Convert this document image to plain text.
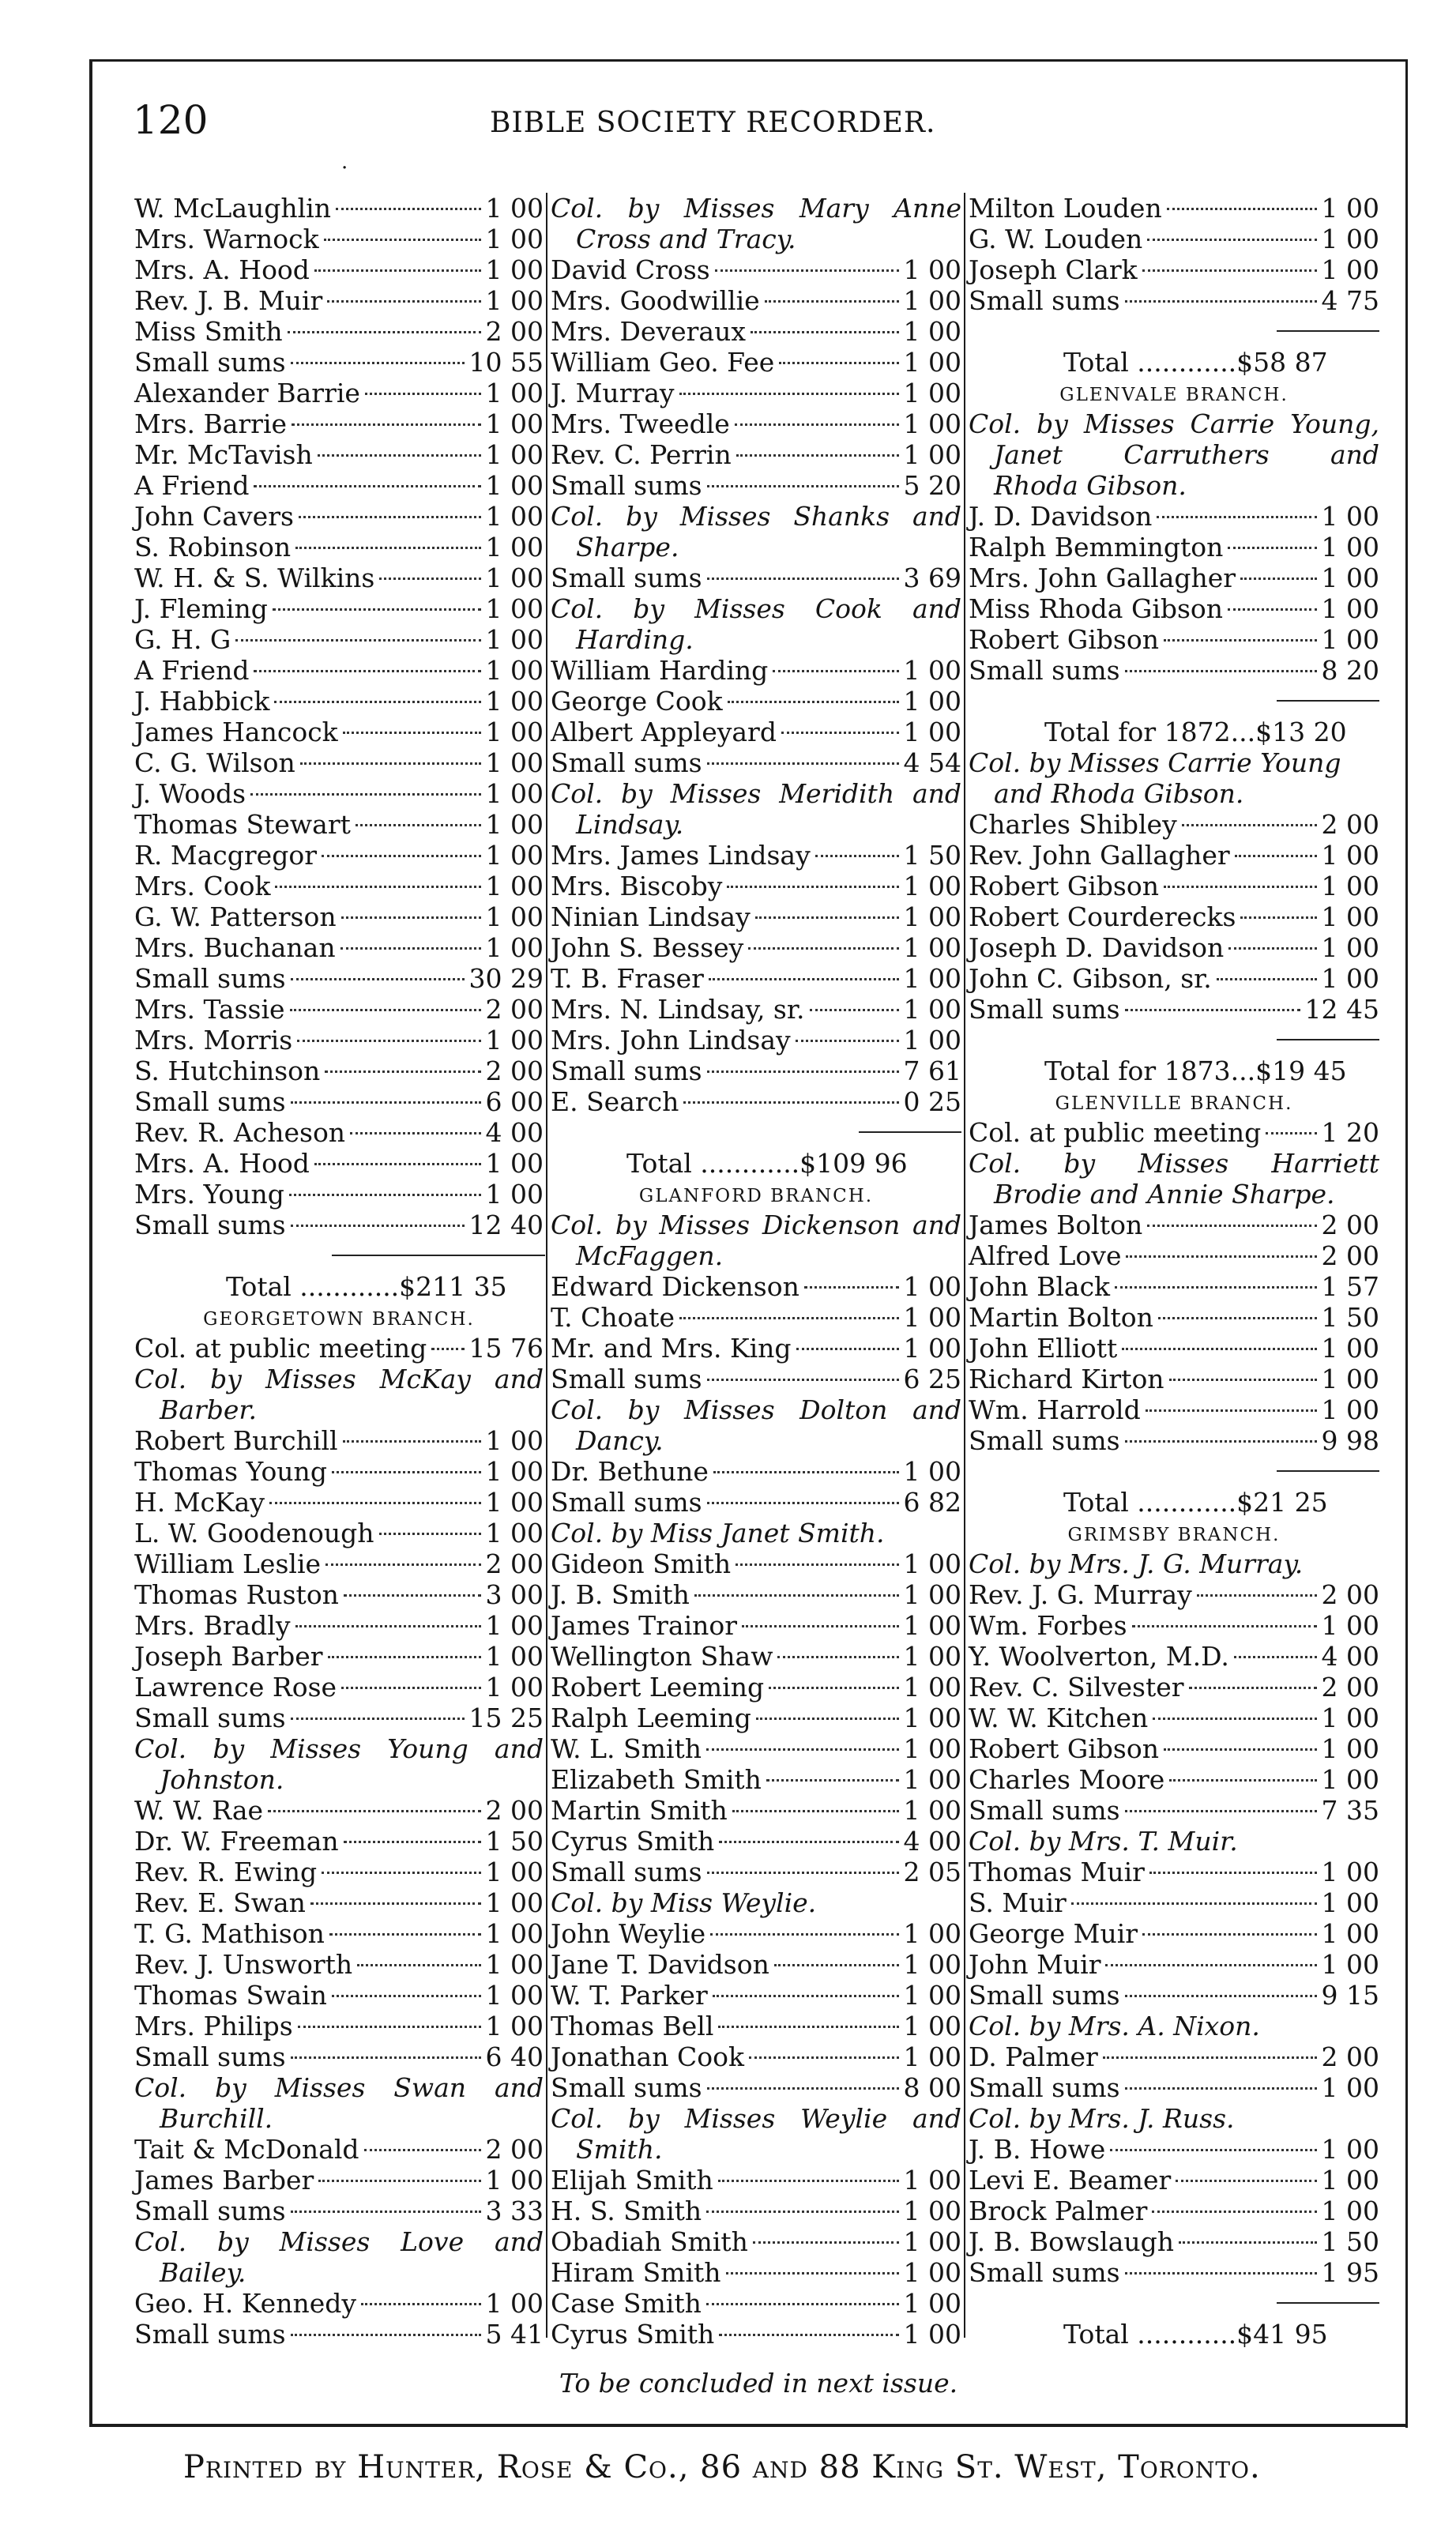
120	BIBLE SOCIETY RECORDER.
·
W. McLaughlin	1 00
Mrs. Warnock	1 00
Mrs. A. Hood	1 00
Rev. J. B. Muir	1 00
Miss Smith	2 00
Small sums	10 55
Alexander Barrie	1 00
Mrs. Barrie	1 00
Mr. McTavish	1 00
A Friend	1 00
John Cavers	1 00
S. Robinson	1 00
W. H. & S. Wilkins	1 00
J. Fleming	1 00
G. H. G	1 00
A Friend	1 00
J. Habbick	1 00
James Hancock	1 00
C. G. Wilson	1 00
J. Woods	1 00
Thomas Stewart	1 00
R. Macgregor	1 00
Mrs. Cook	1 00
G. W. Patterson	1 00
Mrs. Buchanan	1 00
Small sums	30 29
Mrs. Tassie	2 00
Mrs. Morris	1 00
S. Hutchinson	2 00
Small sums	6 00
Rev. R. Acheson	4 00
Mrs. A. Hood	1 00
Mrs. Young	1 00
Small sums	12 40
Total ............$211 35
GEORGETOWN BRANCH.
Col. at public meeting 15 76
Col. by Misses McKay and
Barber.
Robert Burchill	1 00
Thomas Young	1 00
H. McKay	1 00
L. W. Goodenough	1 00
William Leslie	2 00
Thomas Ruston	3 00
Mrs. Bradly	1 00
Joseph Barber	1 00
Lawrence Rose	1 00
Small sums	15 25
Col. by Misses Young and
Johnston.
W. W. Rae	2 00
Dr. W. Freeman	1 50
Rev. R. Ewing	1 00
Rev. E. Swan	1 00
T. G. Mathison	1 00
Rev. J. Unsworth	1 00
Thomas Swain	1 00
Mrs. Philips	1 00
Small sums	6 40
Col. by Misses Swan and
Burchill.
Tait & McDonald	2 00
James Barber	1 00
Small sums	3 33
Col. by Misses Love and
Bailey.
Geo. H. Kennedy	1 00
Small sums	5 41
Col. by Misses Mary Anne
Cross and Tracy.
David Cross	1 00
Mrs. Goodwillie	1 00
Mrs. Deveraux	1 00
William Geo. Fee	1 00
J. Murray	1 00
Mrs. Tweedle	1 00
Rev. C. Perrin	1 00
Small sums	5 20
Col. by Misses Shanks and
Sharpe.
Small sums	3 69
Col. by Misses Cook and
Harding.
William Harding	1 00
George Cook	1 00
Albert Appleyard	1 00
Small sums	4 54
Col. by Misses Meridith and
Lindsay.
Mrs. James Lindsay	1 50
Mrs. Biscoby	1 00
Ninian Lindsay	1 00
John S. Bessey	1 00
T. B. Fraser	1 00
Mrs. N. Lindsay, sr.	1 00
Mrs. John Lindsay	1 00
Small sums	7 61
E. Search	0 25
Total ............$109 96
GLANFORD BRANCH.
Col. by Misses Dickenson and
McFaggen.
Edward Dickenson	1 00
T. Choate	1 00
Mr. and Mrs. King	1 00
Small sums	6 25
Col. by Misses Dolton and
Dancy.
Dr. Bethune	1 00
Small sums	6 82
Col. by Miss Janet Smith.
Gideon Smith	1 00
J. B. Smith	1 00
James Trainor	1 00
Wellington Shaw	1 00
Robert Leeming	1 00
Ralph Leeming	1 00
W. L. Smith	1 00
Elizabeth Smith	1 00
Martin Smith	1 00
Cyrus Smith	4 00
Small sums	2 05
Col. by Miss Weylie.
John Weylie	1 00
Jane T. Davidson	1 00
W. T. Parker	1 00
Thomas Bell	1 00
Jonathan Cook	1 00
Small sums	8 00
Col. by Misses Weylie and
Smith.
Elijah Smith	1 00
H. S. Smith	1 00
Obadiah Smith	1 00
Hiram Smith	1 00
Case Smith	1 00
Cyrus Smith	1 00
To be concluded in next issue.
Milton Louden	1 00
G. W. Louden	1 00
Joseph Clark	1 00
Small sums	4 75
Total ............$58 87
GLENVALE BRANCH.
Col. by Misses Carrie Young,
Janet Carruthers and
Rhoda Gibson.
J. D. Davidson	1 00
Ralph Bemmington	1 00
Mrs. John Gallagher	1 00
Miss Rhoda Gibson	1 00
Robert Gibson	1 00
Small sums	8 20
Total for 1872...$13 20
Col. by Misses Carrie Young
and Rhoda Gibson.
Charles Shibley	2 00
Rev. John Gallagher	1 00
Robert Gibson	1 00
Robert Courderecks	1 00
Joseph D. Davidson	1 00
John C. Gibson, sr.	1 00
Small sums	12 45
Total for 1873...$19 45
GLENVILLE BRANCH.
Col. at public meeting 1 20
Col. by Misses Harriett
Brodie and Annie Sharpe.
James Bolton	2 00
Alfred Love	2 00
John Black	1 57
Martin Bolton	1 50
John Elliott	1 00
Richard Kirton	1 00
Wm. Harrold	1 00
Small sums	9 98
Total ............$21 25
GRIMSBY BRANCH.
Col. by Mrs. J. G. Murray.
Rev. J. G. Murray	2 00
Wm. Forbes	1 00
Y. Woolverton, M.D.	4 00
Rev. C. Silvester	2 00
W. W. Kitchen	1 00
Robert Gibson	1 00
Charles Moore	1 00
Small sums	7 35
Col. by Mrs. T. Muir.
Thomas Muir	1 00
S. Muir	1 00
George Muir	1 00
John Muir	1 00
Small sums	9 15
Col. by Mrs. A. Nixon.
D. Palmer	2 00
Small sums	1 00
Col. by Mrs. J. Russ.
J. B. Howe	1 00
Levi E. Beamer	1 00
Brock Palmer	1 00
J. B. Bowslaugh	1 50
Small sums	1 95
Total ............$41 95
Printed by Hunter, Rose & Co., 86 and 88 King St. West, Toronto.
